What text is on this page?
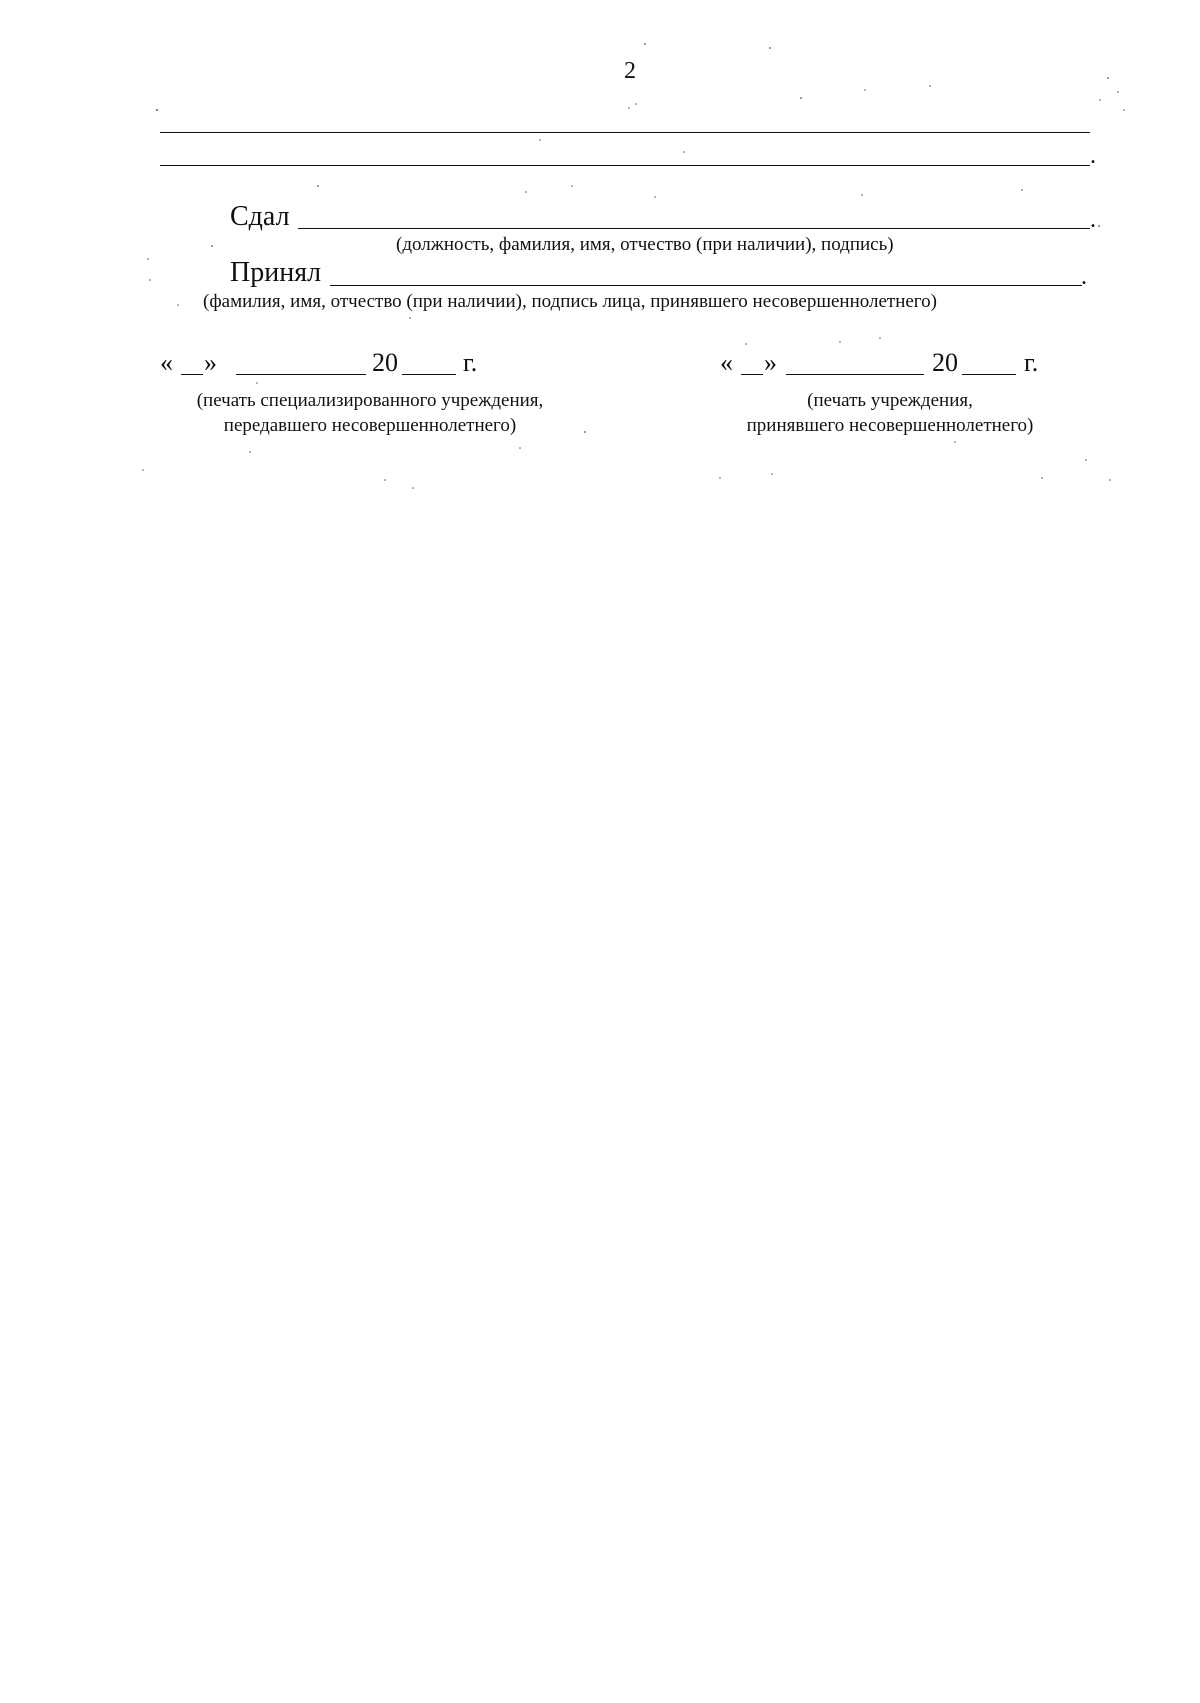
2
.
Сдал	.
(должность, фамилия, имя, отчество (при наличии), подпись)
Принял	.
(фамилия, имя, отчество (при наличии), подпись лица, принявшего несовершеннолетнего)
« »	20	г.
(печать специализированного учреждения,
передавшего несовершеннолетнего)
« »	20	г.
(печать учреждения,
принявшего несовершеннолетнего)
